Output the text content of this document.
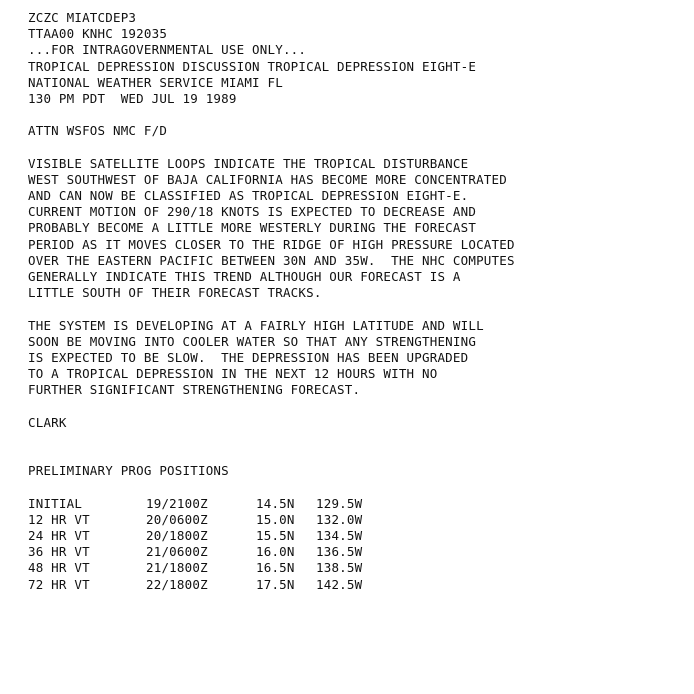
ZCZC MIATCDEP3
TTAA00 KNHC 192035
...FOR INTRAGOVERNMENTAL USE ONLY...
TROPICAL DEPRESSION DISCUSSION TROPICAL DEPRESSION EIGHT-E
NATIONAL WEATHER SERVICE MIAMI FL
130 PM PDT  WED JUL 19 1989
ATTN WSFOS NMC F/D
VISIBLE SATELLITE LOOPS INDICATE THE TROPICAL DISTURBANCE
WEST SOUTHWEST OF BAJA CALIFORNIA HAS BECOME MORE CONCENTRATED
AND CAN NOW BE CLASSIFIED AS TROPICAL DEPRESSION EIGHT-E.
CURRENT MOTION OF 290/18 KNOTS IS EXPECTED TO DECREASE AND
PROBABLY BECOME A LITTLE MORE WESTERLY DURING THE FORECAST
PERIOD AS IT MOVES CLOSER TO THE RIDGE OF HIGH PRESSURE LOCATED
OVER THE EASTERN PACIFIC BETWEEN 30N AND 35W.  THE NHC COMPUTES
GENERALLY INDICATE THIS TREND ALTHOUGH OUR FORECAST IS A
LITTLE SOUTH OF THEIR FORECAST TRACKS.
THE SYSTEM IS DEVELOPING AT A FAIRLY HIGH LATITUDE AND WILL
SOON BE MOVING INTO COOLER WATER SO THAT ANY STRENGTHENING
IS EXPECTED TO BE SLOW.  THE DEPRESSION HAS BEEN UPGRADED
TO A TROPICAL DEPRESSION IN THE NEXT 12 HOURS WITH NO
FURTHER SIGNIFICANT STRENGTHENING FORECAST.
CLARK
PRELIMINARY PROG POSITIONS
INITIAL	19/2100Z	14.5N	129.5W
12 HR VT	20/0600Z	15.0N	132.0W
24 HR VT	20/1800Z	15.5N	134.5W
36 HR VT	21/0600Z	16.0N	136.5W
48 HR VT	21/1800Z	16.5N	138.5W
72 HR VT	22/1800Z	17.5N	142.5W
